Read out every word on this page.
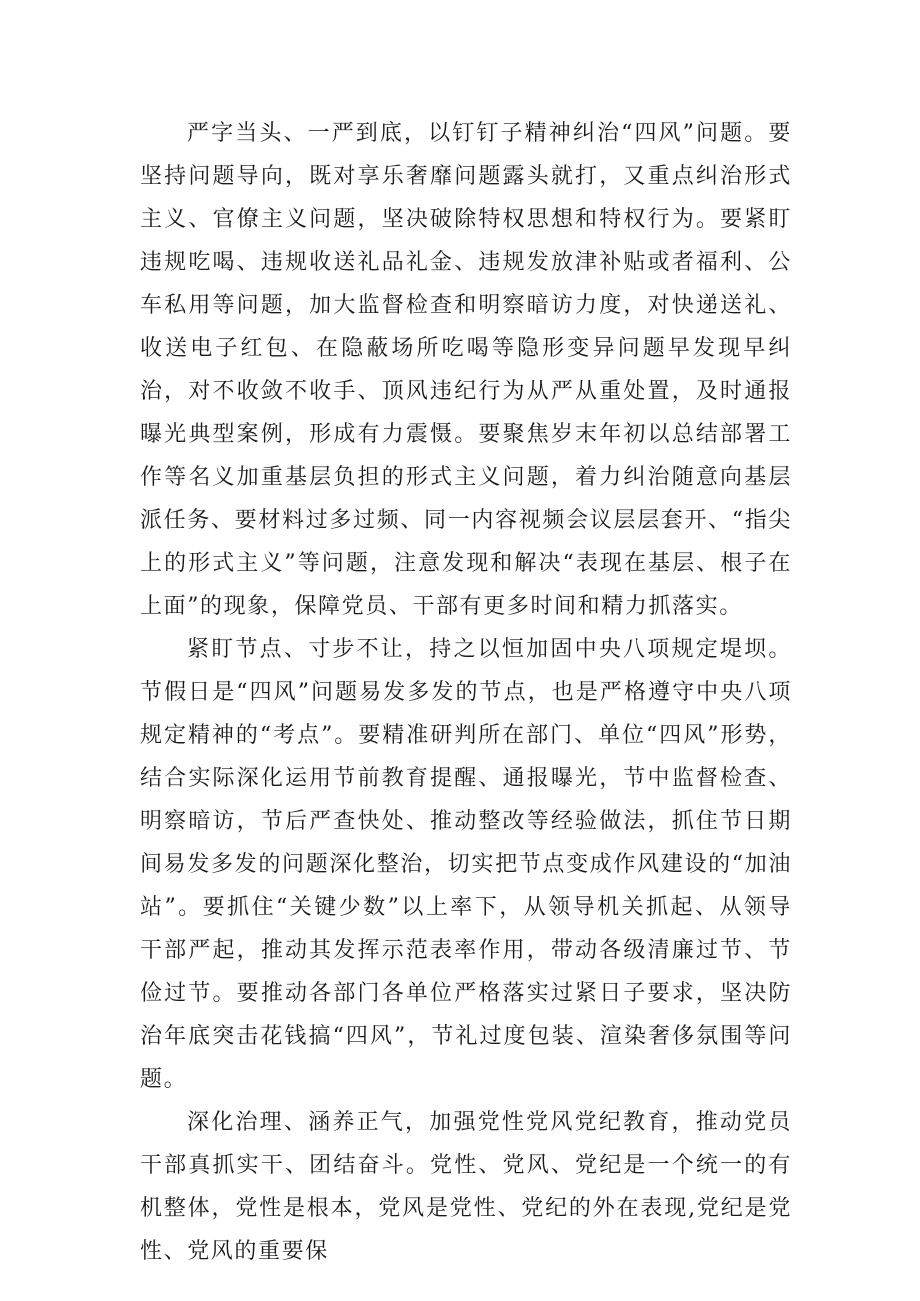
严字当头、一严到底，以钉钉子精神纠治“四风”问题。要坚持问题导向，既对享乐奢靡问题露头就打，又重点纠治形式主义、官僚主义问题，坚决破除特权思想和特权行为。要紧盯违规吃喝、违规收送礼品礼金、违规发放津补贴或者福利、公车私用等问题，加大监督检查和明察暗访力度，对快递送礼、收送电子红包、在隐蔽场所吃喝等隐形变异问题早发现早纠治，对不收敛不收手、顶风违纪行为从严从重处置，及时通报曝光典型案例，形成有力震慑。要聚焦岁末年初以总结部署工作等名义加重基层负担的形式主义问题，着力纠治随意向基层派任务、要材料过多过频、同一内容视频会议层层套开、“指尖上的形式主义”等问题，注意发现和解决“表现在基层、根子在上面”的现象，保障党员、干部有更多时间和精力抓落实。

紧盯节点、寸步不让，持之以恒加固中央八项规定堤坝。节假日是“四风”问题易发多发的节点，也是严格遵守中央八项规定精神的“考点”。要精准研判所在部门、单位“四风”形势，结合实际深化运用节前教育提醒、通报曝光，节中监督检查、明察暗访，节后严查快处、推动整改等经验做法，抓住节日期间易发多发的问题深化整治，切实把节点变成作风建设的“加油站”。要抓住“关键少数”以上率下，从领导机关抓起、从领导干部严起，推动其发挥示范表率作用，带动各级清廉过节、节俭过节。要推动各部门各单位严格落实过紧日子要求，坚决防治年底突击花钱搞“四风”，节礼过度包装、渲染奢侈氛围等问题。

深化治理、涵养正气，加强党性党风党纪教育，推动党员干部真抓实干、团结奋斗。党性、党风、党纪是一个统一的有机整体，党性是根本，党风是党性、党纪的外在表现,党纪是党性、党风的重要保
